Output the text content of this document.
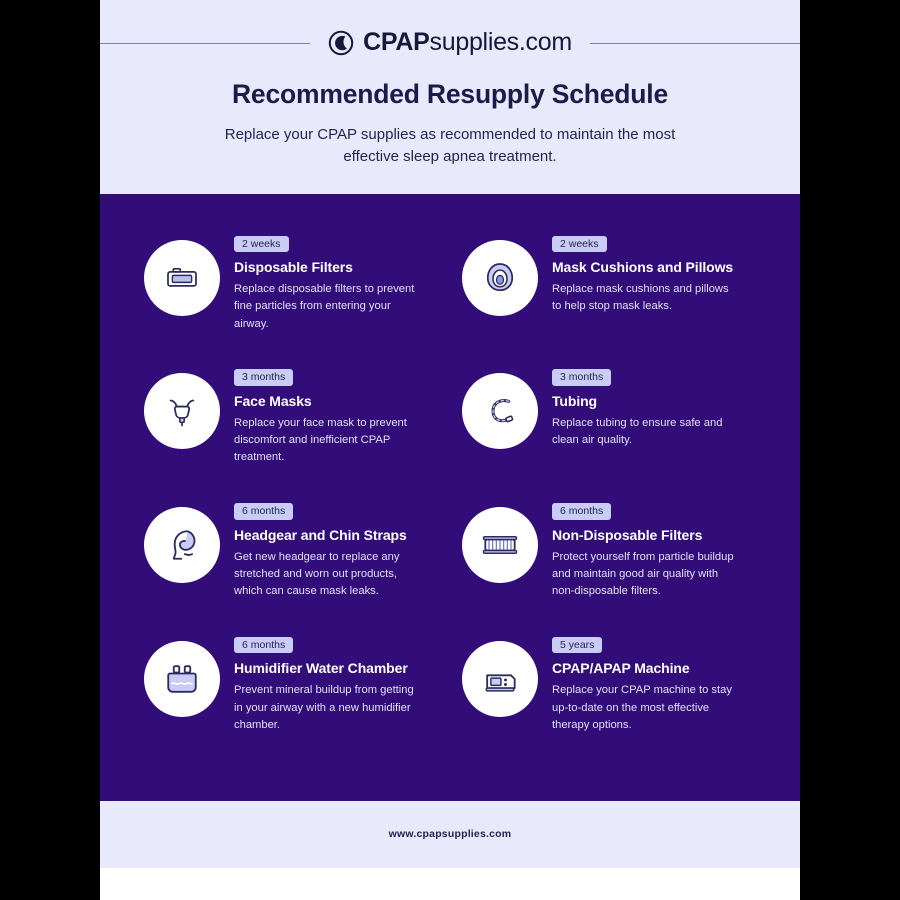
CPAPsupplies.com
Recommended Resupply Schedule

Replace your CPAP supplies as recommended to maintain the most effective sleep apnea treatment.

2 weeks
Disposable Filters

Replace disposable filters to prevent fine particles from entering your airway.

2 weeks
Mask Cushions and Pillows

Replace mask cushions and pillows to help stop mask leaks.

3 months
Face Masks

Replace your face mask to prevent discomfort and inefficient CPAP treatment.

3 months
Tubing

Replace tubing to ensure safe and clean air quality.

6 months
Headgear and Chin Straps

Get new headgear to replace any stretched and worn out products, which can cause mask leaks.

6 months
Non-Disposable Filters

Protect yourself from particle buildup and maintain good air quality with non-disposable filters.

6 months
Humidifier Water Chamber

Prevent mineral buildup from getting in your airway with a new humidifier chamber.

5 years
CPAP/APAP Machine

Replace your CPAP machine to stay up-to-date on the most effective therapy options.

www.cpapsupplies.com
